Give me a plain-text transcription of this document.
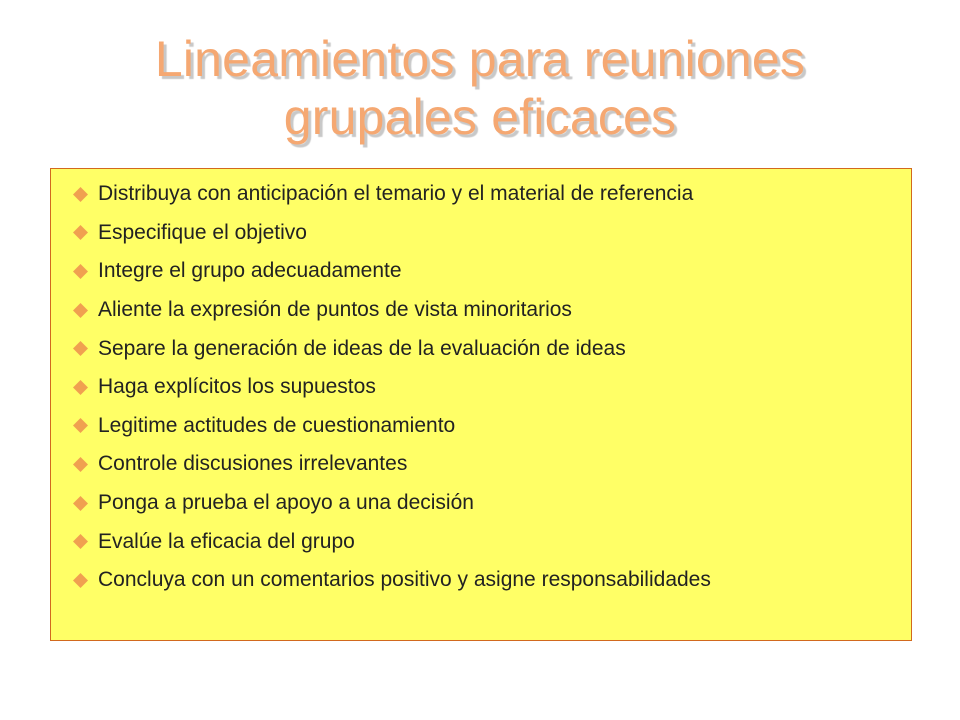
Lineamientos para reuniones
grupales eficaces
Distribuya con anticipación el temario y el material de referencia
Especifique el objetivo
Integre el grupo adecuadamente
Aliente la expresión de puntos de vista minoritarios
Separe la generación de ideas de la evaluación de ideas
Haga explícitos los supuestos
Legitime actitudes de cuestionamiento
Controle discusiones irrelevantes
Ponga a prueba el apoyo a una decisión
Evalúe la eficacia del grupo
Concluya con un comentarios positivo y asigne responsabilidades
